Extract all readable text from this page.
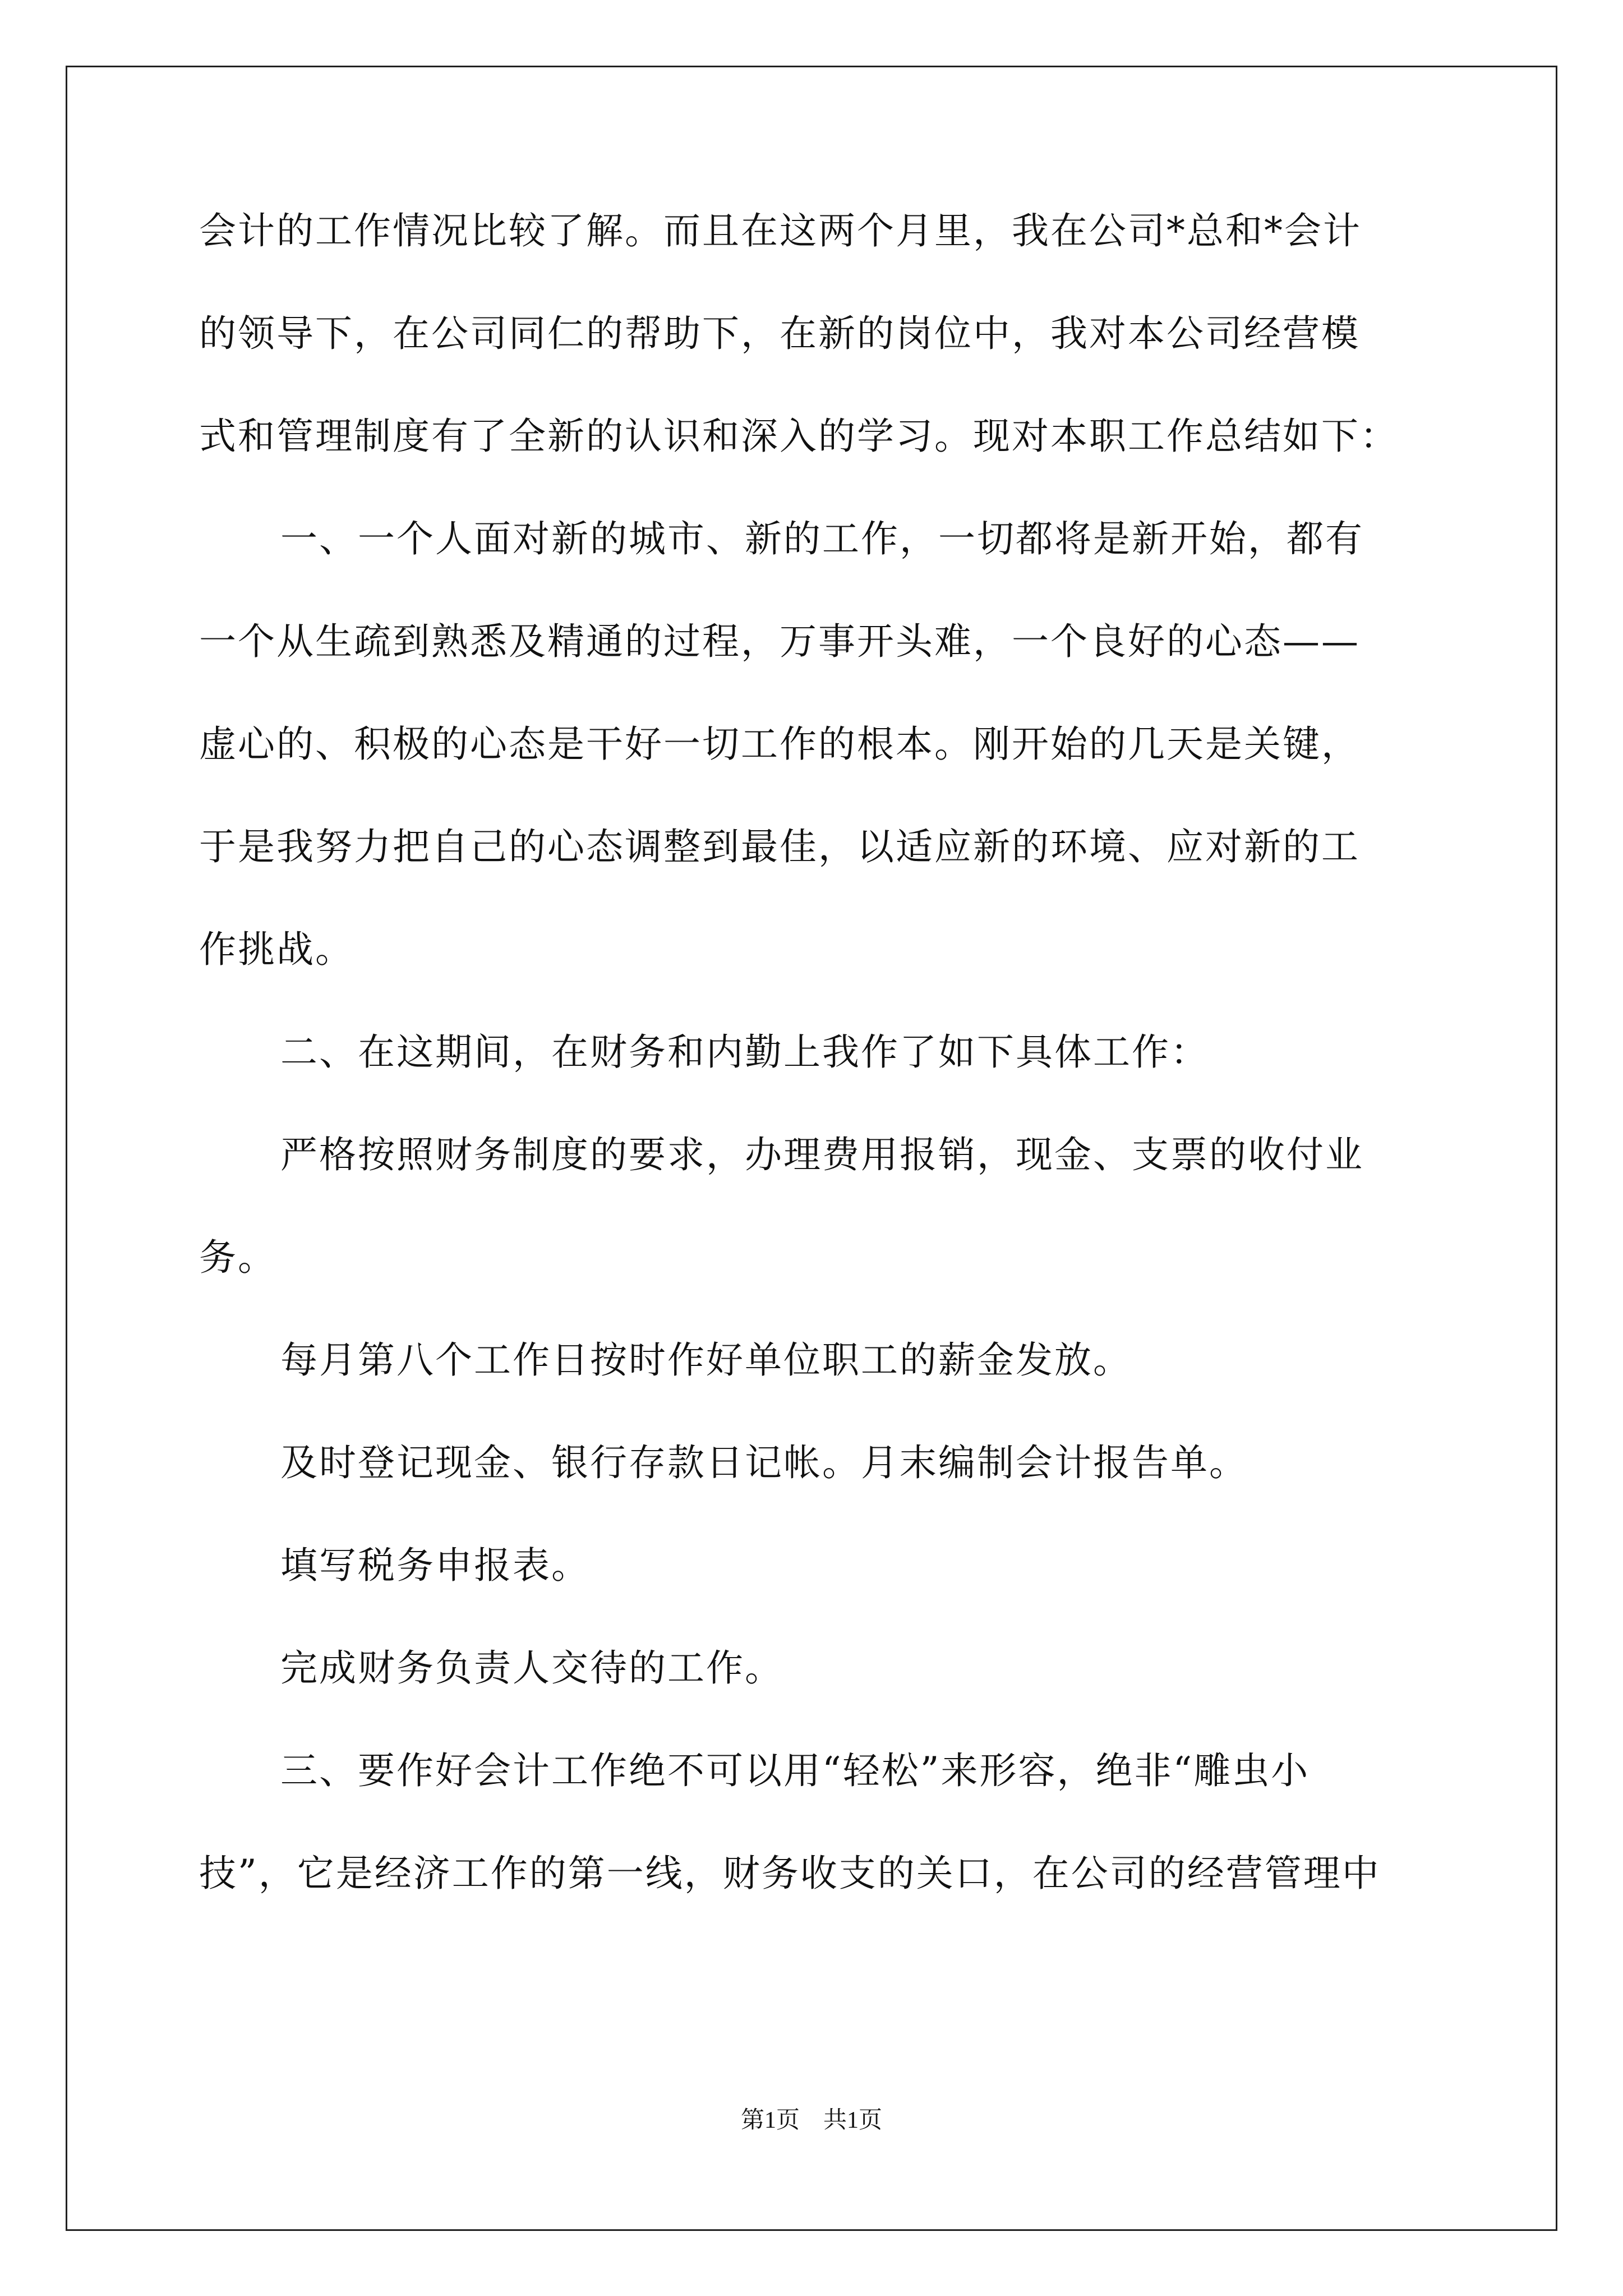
会计的工作情况比较了解。而且在这两个月里，我在公司*总和*会计
的领导下，在公司同仁的帮助下，在新的岗位中，我对本公司经营模
式和管理制度有了全新的认识和深入的学习。现对本职工作总结如下：
一、一个人面对新的城市、新的工作，一切都将是新开始，都有
一个从生疏到熟悉及精通的过程，万事开头难，一个良好的心态——
虚心的、积极的心态是干好一切工作的根本。刚开始的几天是关键，
于是我努力把自己的心态调整到最佳，以适应新的环境、应对新的工
作挑战。
二、在这期间，在财务和内勤上我作了如下具体工作：
严格按照财务制度的要求，办理费用报销，现金、支票的收付业
务。
每月第八个工作日按时作好单位职工的薪金发放。
及时登记现金、银行存款日记帐。月末编制会计报告单。
填写税务申报表。
完成财务负责人交待的工作。
三、要作好会计工作绝不可以用“轻松”来形容，绝非“雕虫小
技”，它是经济工作的第一线，财务收支的关口，在公司的经营管理中
第1页　共1页
